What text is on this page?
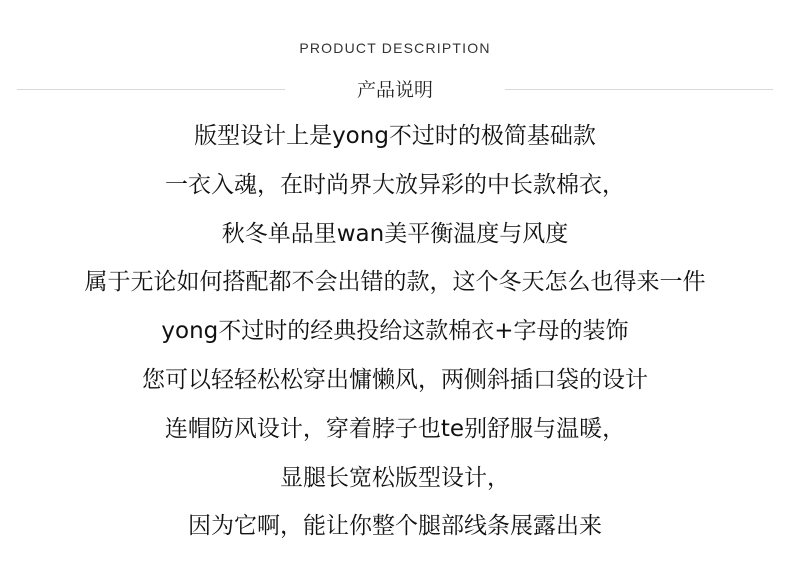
PRODUCT DESCRIPTION
产品说明
版型设计上是yong不过时的极简基础款
一衣入魂，在时尚界大放异彩的中长款棉衣，
秋冬单品里wan美平衡温度与风度
属于无论如何搭配都不会出错的款，这个冬天怎么也得来一件
yong不过时的经典投给这款棉衣+字母的装饰
您可以轻轻松松穿出慵懒风，两侧斜插口袋的设计
连帽防风设计，穿着脖子也te别舒服与温暖，
显腿长宽松版型设计，
因为它啊，能让你整个腿部线条展露出来
